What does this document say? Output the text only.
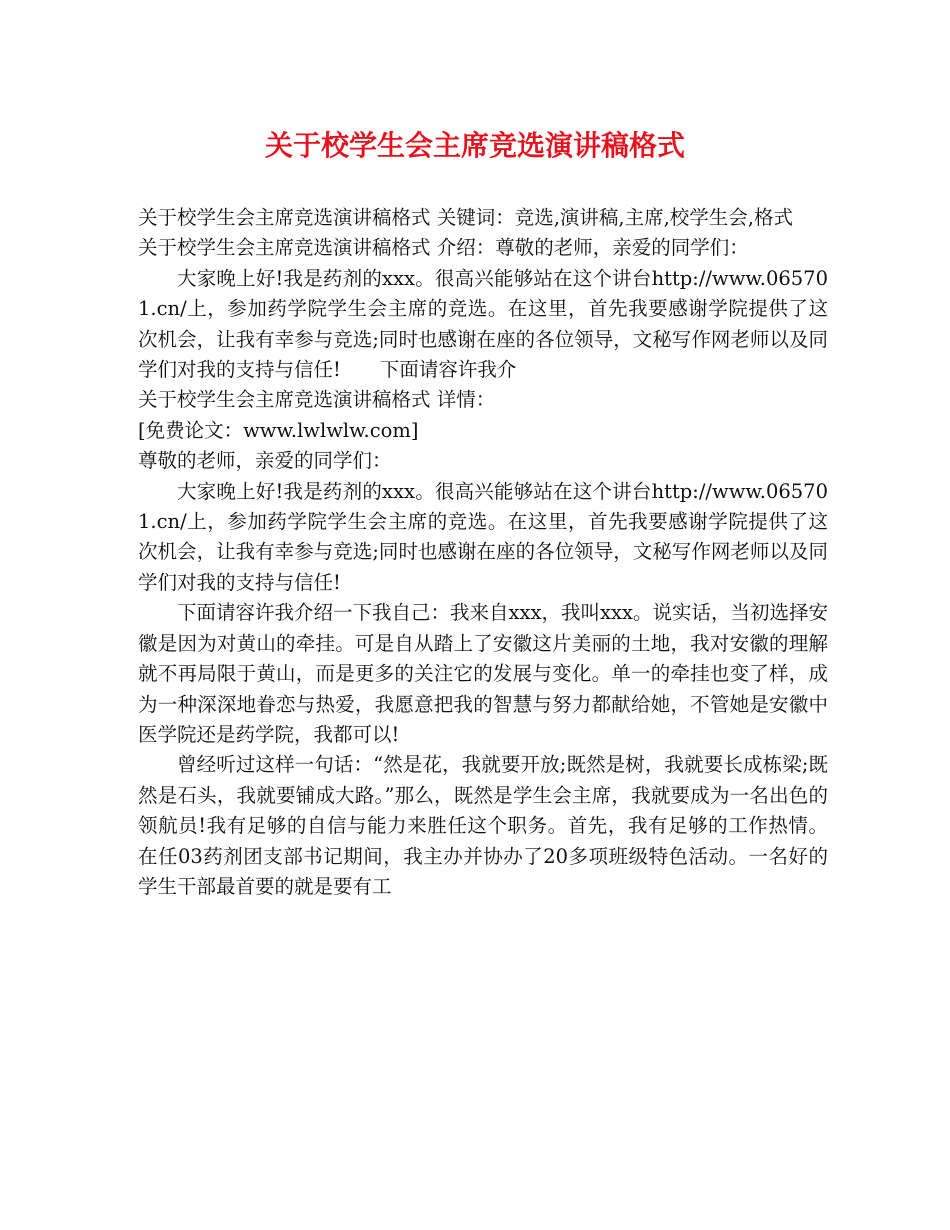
关于校学生会主席竞选演讲稿格式

关于校学生会主席竞选演讲稿格式 关键词：竞选,演讲稿,主席,校学生会,格式

关于校学生会主席竞选演讲稿格式 介绍：尊敬的老师，亲爱的同学们：

大家晚上好!我是药剂的xxx。很高兴能够站在这个讲台http://www.065701.cn/上，参加药学院学生会主席的竞选。在这里，首先我要感谢学院提供了这次机会，让我有幸参与竞选;同时也感谢在座的各位领导，文秘写作网老师以及同学们对我的支持与信任!　　下面请容许我介

关于校学生会主席竞选演讲稿格式 详情：

[免费论文：www.lwlwlw.com]

尊敬的老师，亲爱的同学们：

大家晚上好!我是药剂的xxx。很高兴能够站在这个讲台http://www.065701.cn/上，参加药学院学生会主席的竞选。在这里，首先我要感谢学院提供了这次机会，让我有幸参与竞选;同时也感谢在座的各位领导，文秘写作网老师以及同学们对我的支持与信任!

下面请容许我介绍一下我自己：我来自xxx，我叫xxx。说实话，当初选择安徽是因为对黄山的牵挂。可是自从踏上了安徽这片美丽的土地，我对安徽的理解就不再局限于黄山，而是更多的关注它的发展与变化。单一的牵挂也变了样，成为一种深深地眷恋与热爱，我愿意把我的智慧与努力都献给她，不管她是安徽中医学院还是药学院，我都可以!

曾经听过这样一句话：“然是花，我就要开放;既然是树，我就要长成栋梁;既然是石头，我就要铺成大路。”那么，既然是学生会主席，我就要成为一名出色的领航员!我有足够的自信与能力来胜任这个职务。首先，我有足够的工作热情。在任03药剂团支部书记期间，我主办并协办了20多项班级特色活动。一名好的学生干部最首要的就是要有工
